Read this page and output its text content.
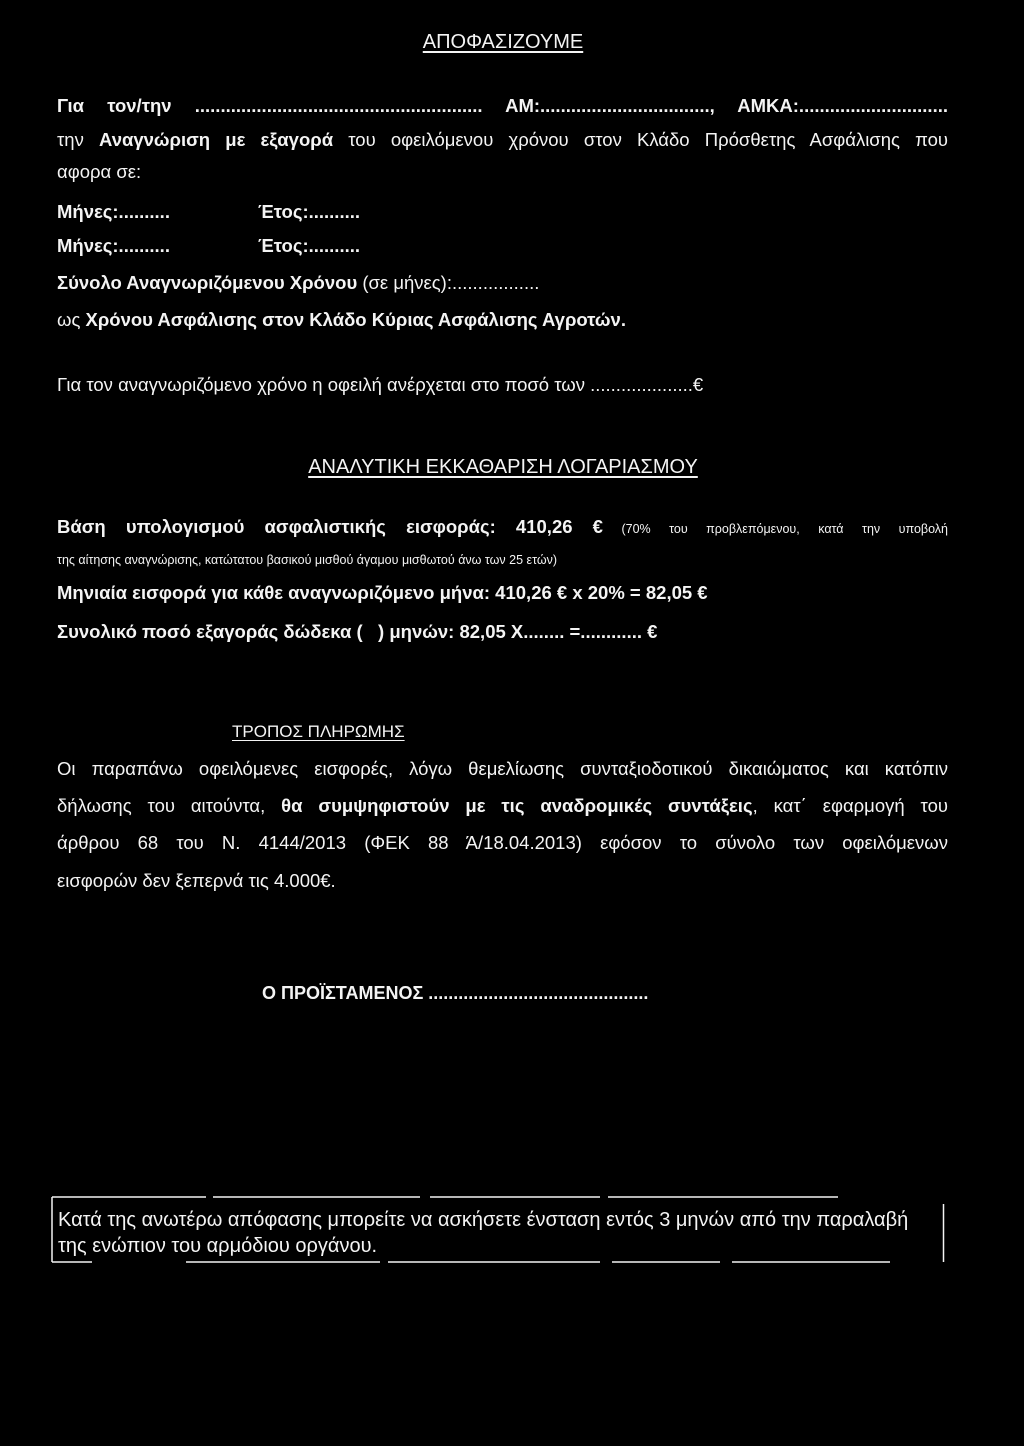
ΑΠΟΦΑΣΙΖΟΥΜΕ
Για τον/την ........................................................ ΑΜ:................................., ΑΜΚΑ:.............................
την Αναγνώριση με εξαγορά του οφειλόμενου χρόνου στον Κλάδο Πρόσθετης Ασφάλισης που
αφορα σε:
Μήνες:..........	Έτος:..........
Μήνες:..........	Έτος:..........
Σύνολο Αναγνωριζόμενου Χρόνου (σε μήνες):.................
ως Χρόνου Ασφάλισης στον Κλάδο Κύριας Ασφάλισης Αγροτών.
Για τον αναγνωριζόμενο χρόνο η οφειλή ανέρχεται στο ποσό των ....................€
ΑΝΑΛΥΤΙΚΗ ΕΚΚΑΘΑΡΙΣΗ ΛΟΓΑΡΙΑΣΜΟΥ
Βάση υπολογισμού ασφαλιστικής εισφοράς: 410,26 € (70% του προβλεπόμενου, κατά την υποβολή
της αίτησης αναγνώρισης, κατώτατου βασικού μισθού άγαμου μισθωτού άνω των 25 ετών)
Μηνιαία εισφορά για κάθε αναγνωριζόμενο μήνα: 410,26 € x 20% = 82,05 €
Συνολικό ποσό εξαγοράς δώδεκα (   ) μηνών: 82,05 X........ =............ €
ΤΡΟΠΟΣ ΠΛΗΡΩΜΗΣ
Οι παραπάνω οφειλόμενες εισφορές, λόγω θεμελίωσης συνταξιοδοτικού δικαιώματος και κατόπιν
δήλωσης του αιτούντα, θα συμψηφιστούν με τις αναδρομικές συντάξεις, κατ΄ εφαρμογή του
άρθρου 68 του Ν. 4144/2013 (ΦΕΚ 88 Ά/18.04.2013) εφόσον το σύνολο των οφειλόμενων
εισφορών δεν ξεπερνά τις 4.000€.
Ο ΠΡΟΪΣΤΑΜΕΝΟΣ ............................................
Κατά της ανωτέρω απόφασης μπορείτε να ασκήσετε ένσταση εντός 3 μηνών από την παραλαβή
της ενώπιον του αρμόδιου οργάνου.
